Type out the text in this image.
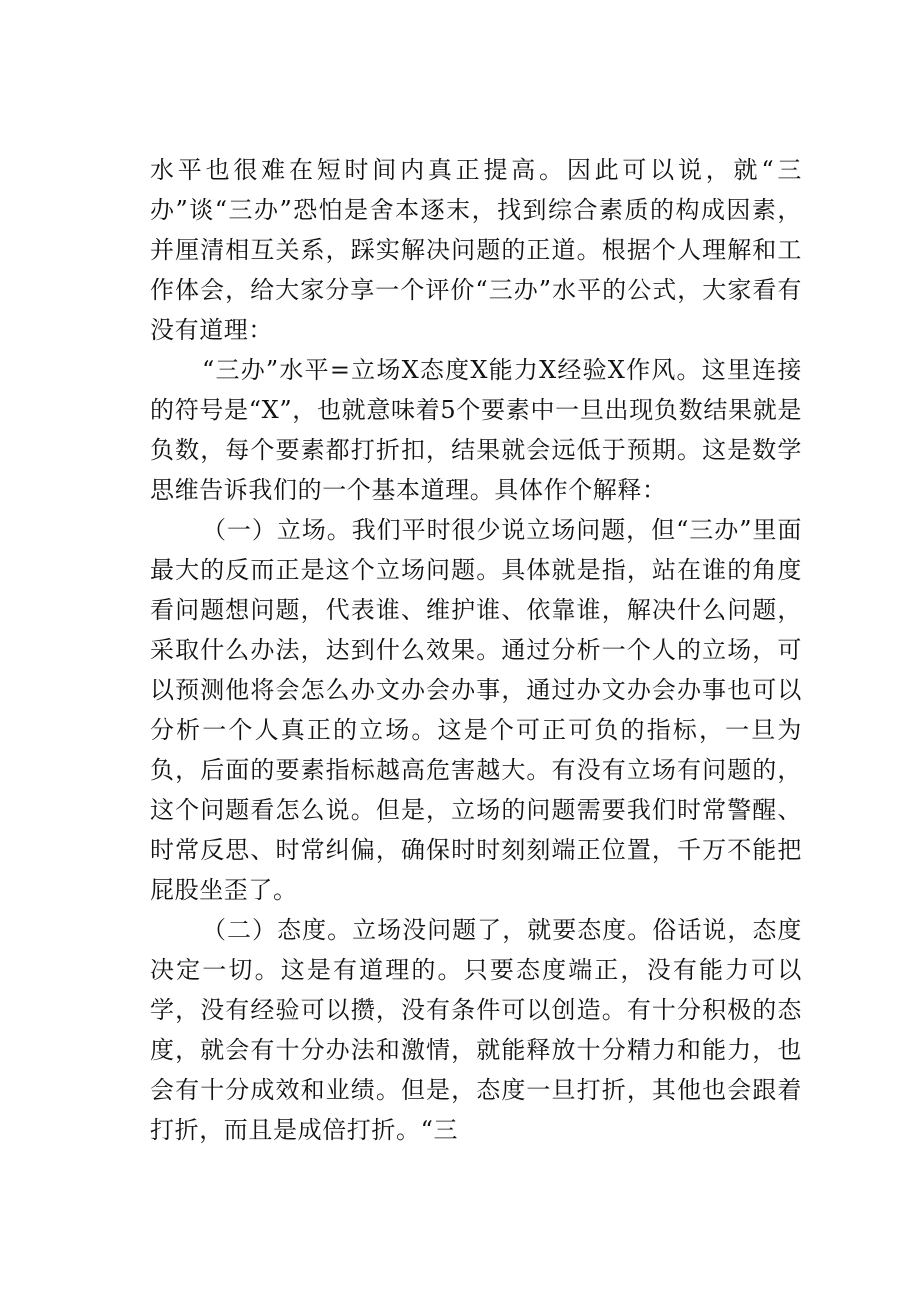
水平也很难在短时间内真正提高。因此可以说，就“三办”谈“三办”恐怕是舍本逐末，找到综合素质的构成因素，并厘清相互关系，踩实解决问题的正道。根据个人理解和工作体会，给大家分享一个评价“三办”水平的公式，大家看有没有道理：

“三办”水平=立场X态度X能力X经验X作风。这里连接的符号是“X”，也就意味着5个要素中一旦出现负数结果就是负数，每个要素都打折扣，结果就会远低于预期。这是数学思维告诉我们的一个基本道理。具体作个解释：

（一）立场。我们平时很少说立场问题，但“三办”里面最大的反而正是这个立场问题。具体就是指，站在谁的角度看问题想问题，代表谁、维护谁、依靠谁，解决什么问题，采取什么办法，达到什么效果。通过分析一个人的立场，可以预测他将会怎么办文办会办事，通过办文办会办事也可以分析一个人真正的立场。这是个可正可负的指标，一旦为负，后面的要素指标越高危害越大。有没有立场有问题的，这个问题看怎么说。但是，立场的问题需要我们时常警醒、时常反思、时常纠偏，确保时时刻刻端正位置，千万不能把屁股坐歪了。

（二）态度。立场没问题了，就要态度。俗话说，态度决定一切。这是有道理的。只要态度端正，没有能力可以学，没有经验可以攒，没有条件可以创造。有十分积极的态度，就会有十分办法和激情，就能释放十分精力和能力，也会有十分成效和业绩。但是，态度一旦打折，其他也会跟着打折，而且是成倍打折。“三
